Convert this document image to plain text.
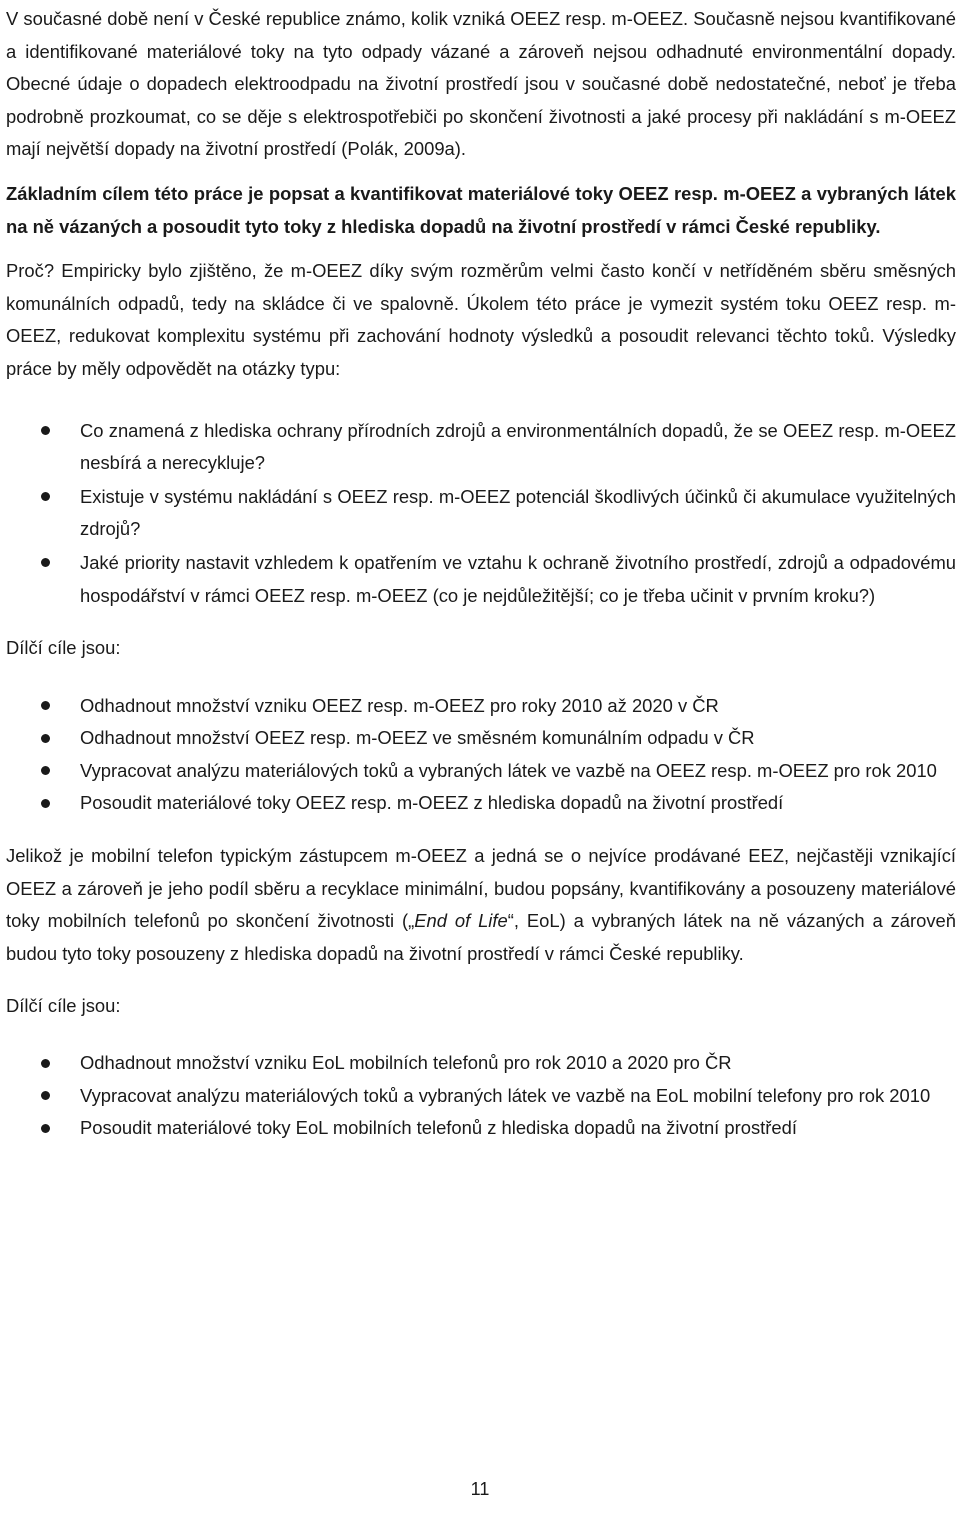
V současné době není v České republice známo, kolik vzniká OEEZ resp. m-OEEZ. Současně nejsou kvantifikované a identifikované materiálové toky na tyto odpady vázané a zároveň nejsou odhadnuté environmentální dopady. Obecné údaje o dopadech elektroodpadu na životní prostředí jsou v současné době nedostatečné, neboť je třeba podrobně prozkoumat, co se děje s elektrospotřebiči po skončení životnosti a jaké procesy při nakládání s m-OEEZ mají největší dopady na životní prostředí (Polák, 2009a).

Základním cílem této práce je popsat a kvantifikovat materiálové toky OEEZ resp. m-OEEZ a vybraných látek na ně vázaných a posoudit tyto toky z hlediska dopadů na životní prostředí v rámci České republiky.

Proč? Empiricky bylo zjištěno, že m-OEEZ díky svým rozměrům velmi často končí v netříděném sběru směsných komunálních odpadů, tedy na skládce či ve spalovně. Úkolem této práce je vymezit systém toku OEEZ resp. m-OEEZ, redukovat komplexitu systému při zachování hodnoty výsledků a posoudit relevanci těchto toků. Výsledky práce by měly odpovědět na otázky typu:

Co znamená z hlediska ochrany přírodních zdrojů a environmentálních dopadů, že se OEEZ resp. m-OEEZ nesbírá a nerecykluje?
Existuje v systému nakládání s OEEZ resp. m-OEEZ potenciál škodlivých účinků či akumulace využitelných zdrojů?
Jaké priority nastavit vzhledem k opatřením ve vztahu k ochraně životního prostředí, zdrojů a odpadovému hospodářství v rámci OEEZ resp. m-OEEZ (co je nejdůležitější; co je třeba učinit v prvním kroku?)

Dílčí cíle jsou:

Odhadnout množství vzniku OEEZ resp. m-OEEZ pro roky 2010 až 2020 v ČR
Odhadnout množství OEEZ resp. m-OEEZ ve směsném komunálním odpadu v ČR
Vypracovat analýzu materiálových toků a vybraných látek ve vazbě na OEEZ resp. m-OEEZ pro rok 2010
Posoudit materiálové toky OEEZ resp. m-OEEZ z hlediska dopadů na životní prostředí

Jelikož je mobilní telefon typickým zástupcem m-OEEZ a jedná se o nejvíce prodávané EEZ, nejčastěji vznikající OEEZ a zároveň je jeho podíl sběru a recyklace minimální, budou popsány, kvantifikovány a posouzeny materiálové toky mobilních telefonů po skončení životnosti („End of Life“, EoL) a vybraných látek na ně vázaných a zároveň budou tyto toky posouzeny z hlediska dopadů na životní prostředí v rámci České republiky.

Dílčí cíle jsou:

Odhadnout množství vzniku EoL mobilních telefonů pro rok 2010 a 2020 pro ČR
Vypracovat analýzu materiálových toků a vybraných látek ve vazbě na EoL mobilní telefony pro rok 2010
Posoudit materiálové toky EoL mobilních telefonů z hlediska dopadů na životní prostředí
11
